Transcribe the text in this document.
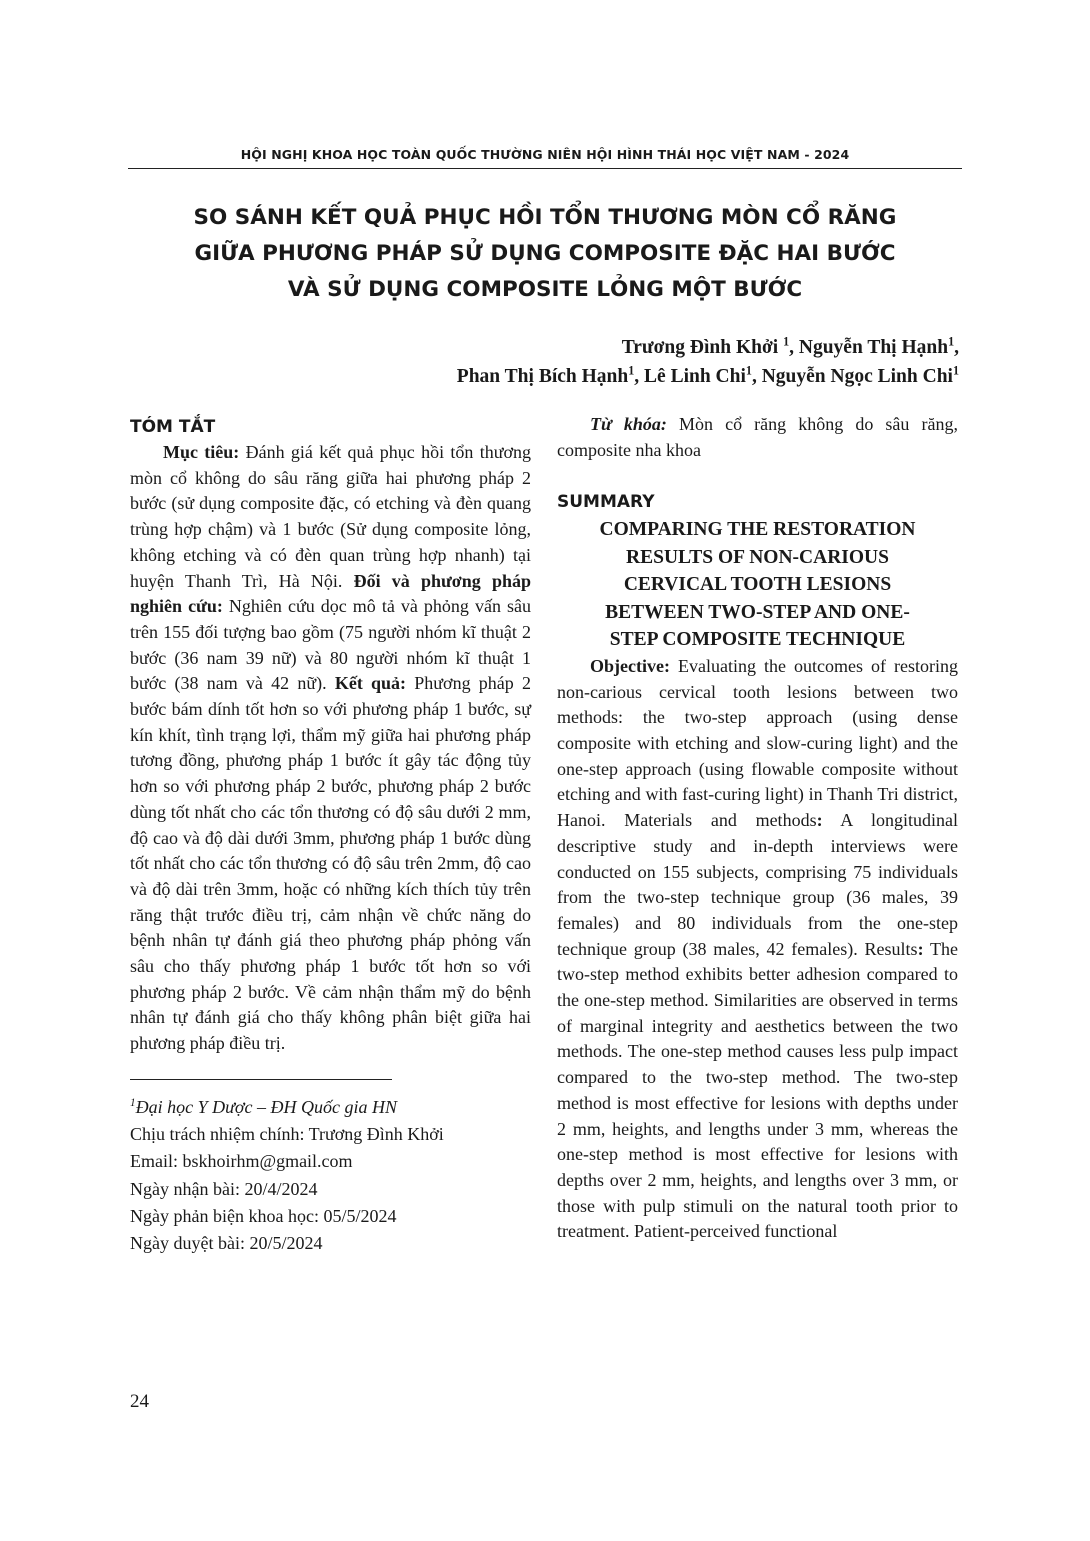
HỘI NGHỊ KHOA HỌC TOÀN QUỐC THƯỜNG NIÊN HỘI HÌNH THÁI HỌC VIỆT NAM - 2024
SO SÁNH KẾT QUẢ PHỤC HỒI TỔN THƯƠNG MÒN CỔ RĂNG
GIỮA PHƯƠNG PHÁP SỬ DỤNG COMPOSITE ĐẶC HAI BƯỚC
VÀ SỬ DỤNG COMPOSITE LỎNG MỘT BƯỚC
Trương Đình Khởi $^1$, Nguyễn Thị Hạnh$^1$,
Phan Thị Bích Hạnh$^1$, Lê Linh Chi$^1$, Nguyễn Ngọc Linh Chi$^1$
TÓM TẮT

Mục tiêu: Đánh giá kết quả phục hồi tổn thương mòn cổ không do sâu răng giữa hai phương pháp 2 bước (sử dụng composite đặc, có etching và đèn quang trùng hợp chậm) và 1 bước (Sử dụng composite lỏng, không etching và có đèn quan trùng hợp nhanh) tại huyện Thanh Trì, Hà Nội. Đối và phương pháp nghiên cứu: Nghiên cứu dọc mô tả và phỏng vấn sâu trên 155 đối tượng bao gồm (75 người nhóm kĩ thuật 2 bước (36 nam 39 nữ) và 80 người nhóm kĩ thuật 1 bước (38 nam và 42 nữ). Kết quả: Phương pháp 2 bước bám dính tốt hơn so với phương pháp 1 bước, sự kín khít, tình trạng lợi, thẩm mỹ giữa hai phương pháp tương đồng, phương pháp 1 bước ít gây tác động tủy hơn so với phương pháp 2 bước, phương pháp 2 bước dùng tốt nhất cho các tổn thương có độ sâu dưới 2 mm, độ cao và độ dài dưới 3mm, phương pháp 1 bước dùng tốt nhất cho các tổn thương có độ sâu trên 2mm, độ cao và độ dài trên 3mm, hoặc có những kích thích tủy trên răng thật trước điều trị, cảm nhận về chức năng do bệnh nhân tự đánh giá theo phương pháp phỏng vấn sâu cho thấy phương pháp 1 bước tốt hơn so với phương pháp 2 bước. Về cảm nhận thẩm mỹ do bệnh nhân tự đánh giá cho thấy không phân biệt giữa hai phương pháp điều trị.

$^1$Đại học Y Dược – ĐH Quốc gia HN
Chịu trách nhiệm chính: Trương Đình Khởi
Email: bskhoirhm@gmail.com
Ngày nhận bài: 20/4/2024
Ngày phản biện khoa học: 05/5/2024
Ngày duyệt bài: 20/5/2024

Từ khóa: Mòn cổ răng không do sâu răng, composite nha khoa

SUMMARY
COMPARING THE RESTORATION
RESULTS OF NON-CARIOUS
CERVICAL TOOTH LESIONS
BETWEEN TWO-STEP AND ONE-
STEP COMPOSITE TECHNIQUE

Objective: Evaluating the outcomes of restoring non-carious cervical tooth lesions between two methods: the two-step approach (using dense composite with etching and slow-curing light) and the one-step approach (using flowable composite without etching and with fast-curing light) in Thanh Tri district, Hanoi. Materials and methods: A longitudinal descriptive study and in-depth interviews were conducted on 155 subjects, comprising 75 individuals from the two-step technique group (36 males, 39 females) and 80 individuals from the one-step technique group (38 males, 42 females). Results: The two-step method exhibits better adhesion compared to the one-step method. Similarities are observed in terms of marginal integrity and aesthetics between the two methods. The one-step method causes less pulp impact compared to the two-step method. The two-step method is most effective for lesions with depths under 2 mm, heights, and lengths under 3 mm, whereas the one-step method is most effective for lesions with depths over 2 mm, heights, and lengths over 3 mm, or those with pulp stimuli on the natural tooth prior to treatment. Patient-perceived functional

24
